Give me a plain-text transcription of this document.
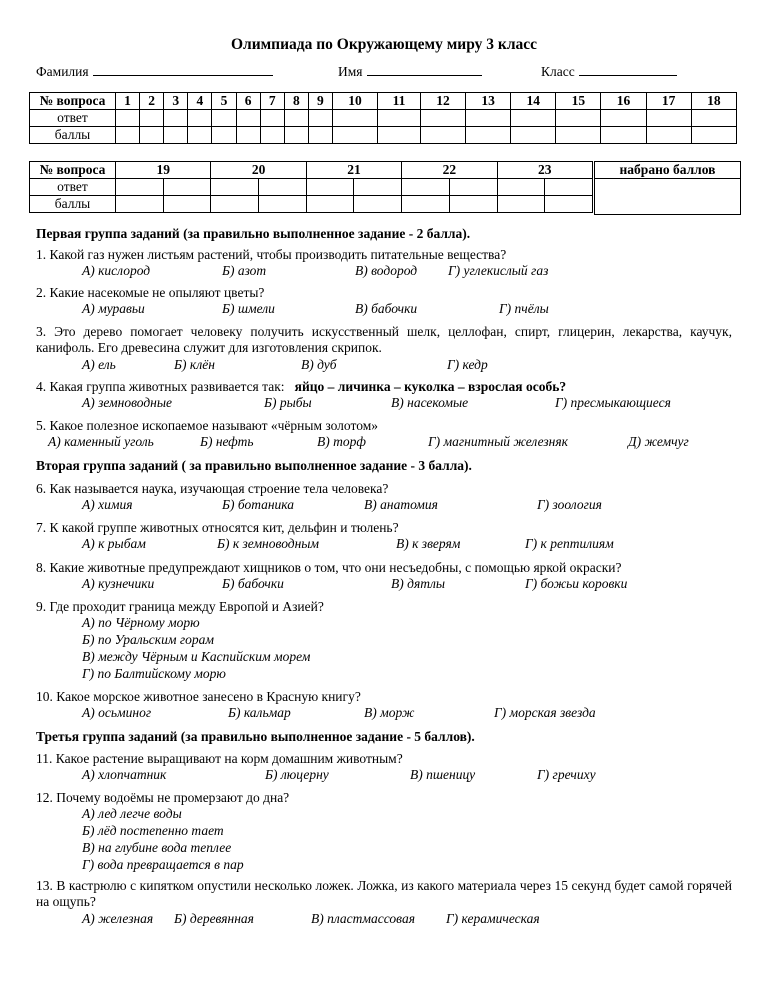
Олимпиада по Окружающему миру 3 класс
Фамилия	Имя	Класс
№ вопроса	1	2	3	4	5	6	7	8	9	10	11	12	13	14	15	16	17	18
ответ																		
баллы																		
№ вопроса	19		20		21		22		23	
ответ										
баллы										
набрано баллов

Первая группа заданий (за правильно выполненное задание - 2 балла).
1. Какой газ нужен листьям растений, чтобы производить питательные вещества?
А) кислород	Б) азот	В) водород Г) углекислый газ
2. Какие насекомые не опыляют цветы?
А) муравьи	Б) шмели	В) бабочки	Г) пчёлы
3. Это дерево помогает человеку получить искусственный шелк, целлофан, спирт, глицерин, лекарства, каучук, канифоль. Его древесина служит для изготовления скрипок.
А) ель	Б) клён	В) дуб	Г) кедр
4. Какая группа животных развивается так: яйцо – личинка – куколка – взрослая особь?
А) земноводные	Б) рыбы	В) насекомые	Г) пресмыкающиеся
5. Какое полезное ископаемое называют «чёрным золотом»
А) каменный уголь	Б) нефть	В) торф	Г) магнитный железняк	Д) жемчуг
Вторая группа заданий ( за правильно выполненное задание - 3 балла).
6. Как называется наука, изучающая строение тела человека?
А) химия	Б) ботаника	В) анатомия	Г) зоология
7. К какой группе животных относятся кит, дельфин и тюлень?
А) к рыбам	Б) к земноводным	В) к зверям	Г) к рептилиям
8. Какие животные предупреждают хищников о том, что они несъедобны, с помощью яркой окраски?
А) кузнечики	Б) бабочки	В) дятлы	Г) божьи коровки
9. Где проходит граница между Европой и Азией?
А) по Чёрному морю
Б) по Уральским горам
В) между Чёрным и Каспийским морем
Г) по Балтийскому морю
10. Какое морское животное занесено в Красную книгу?
А) осьминог	Б) кальмар	В) морж	Г) морская звезда
Третья группа заданий (за правильно выполненное задание - 5 баллов).
11. Какое растение выращивают на корм домашним животным?
А) хлопчатник	Б) люцерну	В) пшеницу	Г) гречиху
12. Почему водоёмы не промерзают до дна?
А) лед легче воды
Б) лёд постепенно тает
В) на глубине вода теплее
Г) вода превращается в пар
13. В кастрюлю с кипятком опустили несколько ложек. Ложка, из какого материала через 15 секунд будет самой горячей на ощупь?
А) железная Б) деревянная	В) пластмассовая Г) керамическая
